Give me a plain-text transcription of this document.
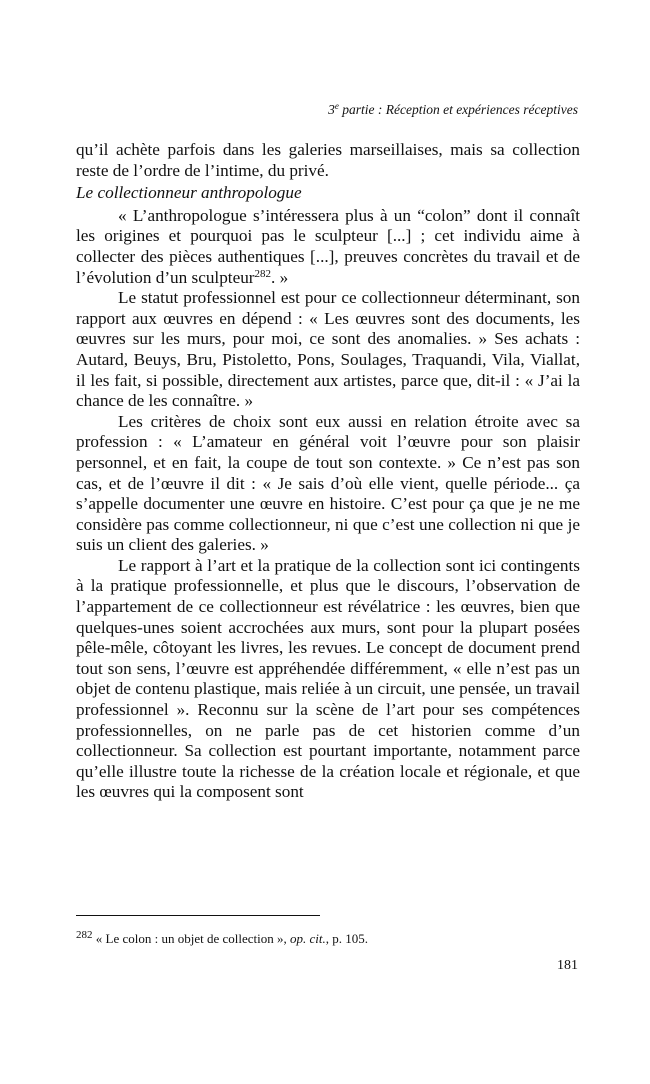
3e partie : Réception et expériences réceptives

qu’il achète parfois dans les galeries marseillaises, mais sa collection reste de l’ordre de l’intime, du privé.

Le collectionneur anthropologue

« L’anthropologue s’intéressera plus à un “colon” dont il connaît les origines et pourquoi pas le sculpteur [...] ; cet individu aime à collecter des pièces authentiques [...], preuves concrètes du travail et de l’évolution d’un sculpteur$^{282}$. »

Le statut professionnel est pour ce collectionneur déterminant, son rapport aux œuvres en dépend : « Les œuvres sont des documents, les œuvres sur les murs, pour moi, ce sont des anomalies. » Ses achats : Autard, Beuys, Bru, Pistoletto, Pons, Soulages, Traquandi, Vila, Viallat, il les fait, si possible, directement aux artistes, parce que, dit-il : « J’ai la chance de les connaître. »

Les critères de choix sont eux aussi en relation étroite avec sa profession : « L’amateur en général voit l’œuvre pour son plaisir personnel, et en fait, la coupe de tout son contexte. » Ce n’est pas son cas, et de l’œuvre il dit : « Je sais d’où elle vient, quelle période... ça s’appelle documenter une œuvre en histoire. C’est pour ça que je ne me considère pas comme collectionneur, ni que c’est une collection ni que je suis un client des galeries. »

Le rapport à l’art et la pratique de la collection sont ici contingents à la pratique professionnelle, et plus que le discours, l’observation de l’appartement de ce collectionneur est révélatrice : les œuvres, bien que quelques-unes soient accrochées aux murs, sont pour la plupart posées pêle-mêle, côtoyant les livres, les revues. Le concept de document prend tout son sens, l’œuvre est appréhendée différemment, « elle n’est pas un objet de contenu plastique, mais reliée à un circuit, une pensée, un travail professionnel ». Reconnu sur la scène de l’art pour ses compétences professionnelles, on ne parle pas de cet historien comme d’un collectionneur. Sa collection est pourtant importante, notamment parce qu’elle illustre toute la richesse de la création locale et régionale, et que les œuvres qui la composent sont

$^{282}$ « Le colon : un objet de collection », op. cit., p. 105.
181
